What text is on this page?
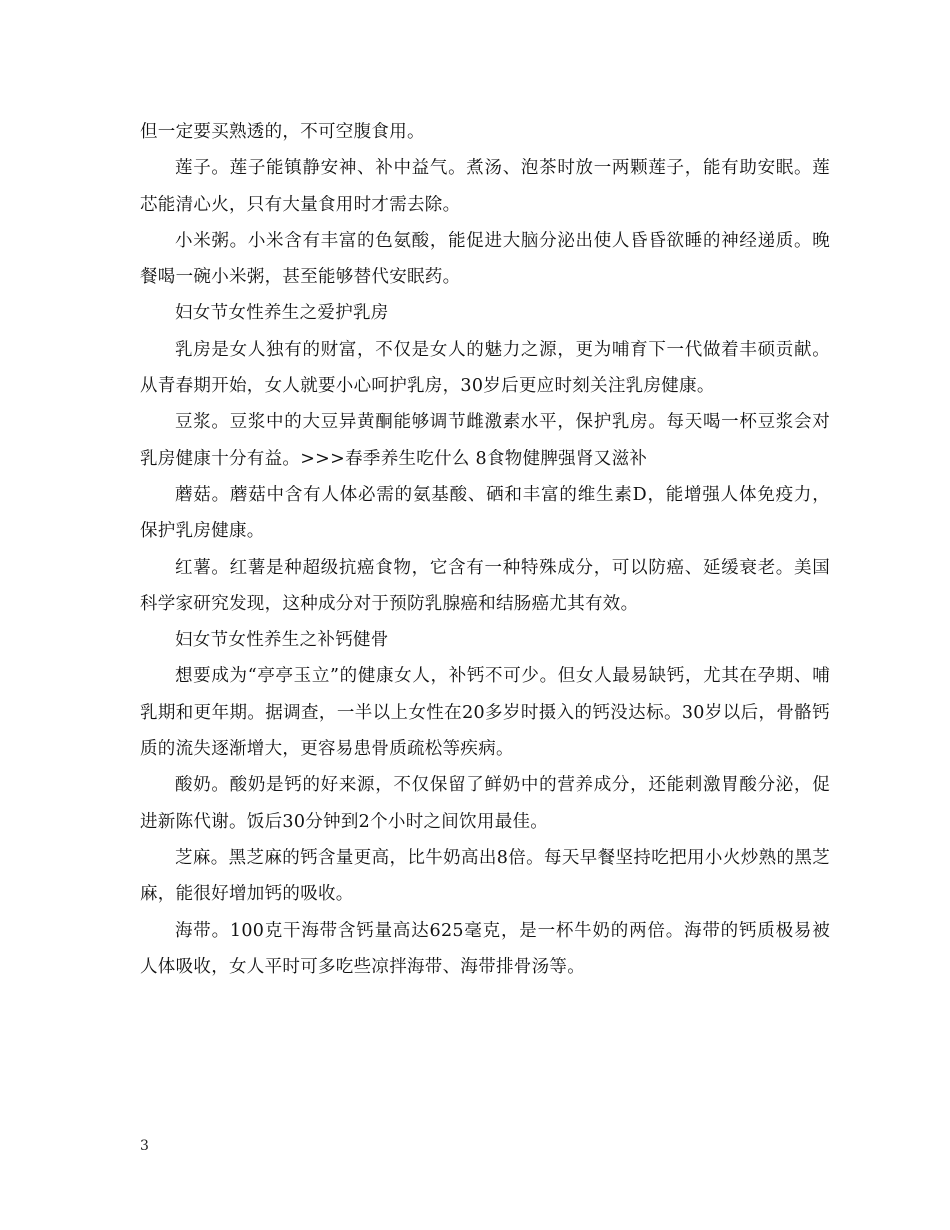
但一定要买熟透的，不可空腹食用。

莲子。莲子能镇静安神、补中益气。煮汤、泡茶时放一两颗莲子，能有助安眠。莲芯能清心火，只有大量食用时才需去除。

小米粥。小米含有丰富的色氨酸，能促进大脑分泌出使人昏昏欲睡的神经递质。晚餐喝一碗小米粥，甚至能够替代安眠药。

妇女节女性养生之爱护乳房

乳房是女人独有的财富，不仅是女人的魅力之源，更为哺育下一代做着丰硕贡献。从青春期开始，女人就要小心呵护乳房，30岁后更应时刻关注乳房健康。

豆浆。豆浆中的大豆异黄酮能够调节雌激素水平，保护乳房。每天喝一杯豆浆会对乳房健康十分有益。>>>春季养生吃什么 8食物健脾强肾又滋补

蘑菇。蘑菇中含有人体必需的氨基酸、硒和丰富的维生素D，能增强人体免疫力，保护乳房健康。

红薯。红薯是种超级抗癌食物，它含有一种特殊成分，可以防癌、延缓衰老。美国科学家研究发现，这种成分对于预防乳腺癌和结肠癌尤其有效。

妇女节女性养生之补钙健骨

想要成为“亭亭玉立”的健康女人，补钙不可少。但女人最易缺钙，尤其在孕期、哺乳期和更年期。据调查，一半以上女性在20多岁时摄入的钙没达标。30岁以后，骨骼钙质的流失逐渐增大，更容易患骨质疏松等疾病。

酸奶。酸奶是钙的好来源，不仅保留了鲜奶中的营养成分，还能刺激胃酸分泌，促进新陈代谢。饭后30分钟到2个小时之间饮用最佳。

芝麻。黑芝麻的钙含量更高，比牛奶高出8倍。每天早餐坚持吃把用小火炒熟的黑芝麻，能很好增加钙的吸收。

海带。100克干海带含钙量高达625毫克，是一杯牛奶的两倍。海带的钙质极易被人体吸收，女人平时可多吃些凉拌海带、海带排骨汤等。

3
